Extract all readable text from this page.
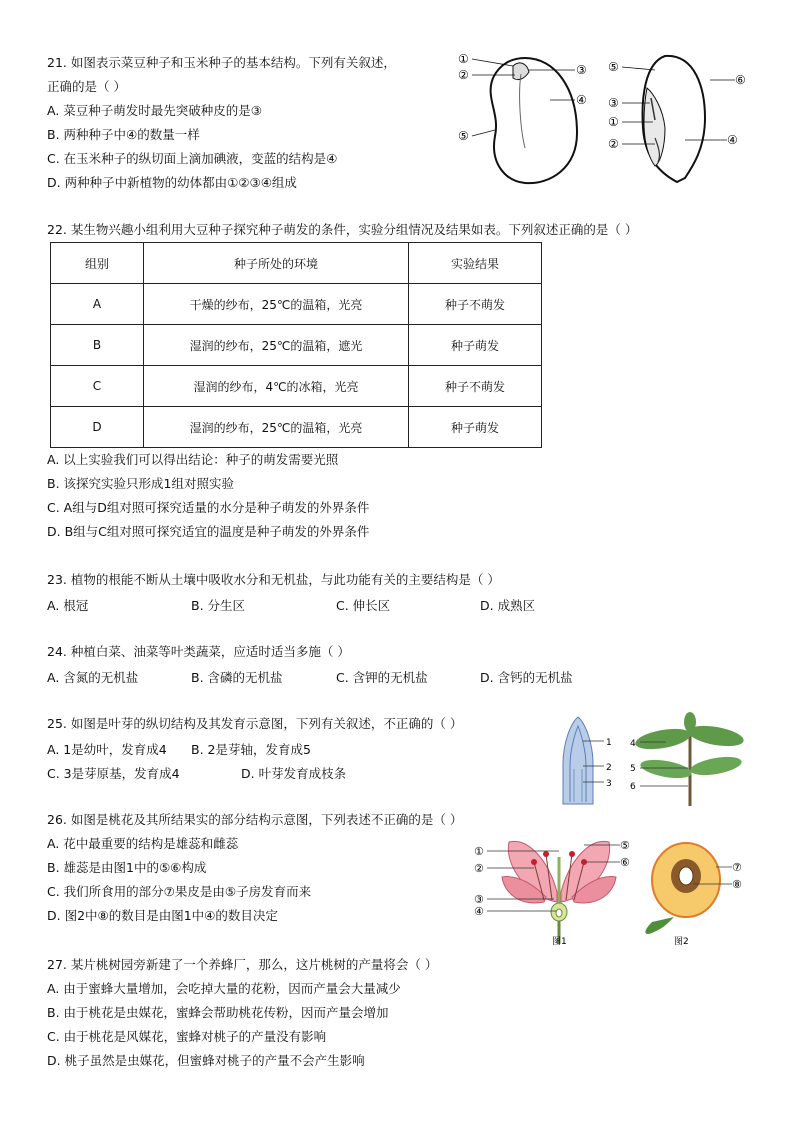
21. 如图表示菜豆种子和玉米种子的基本结构。下列有关叙述，
正确的是（ ）
A. 菜豆种子萌发时最先突破种皮的是③
B. 两种种子中④的数量一样
C. 在玉米种子的纵切面上滴加碘液，变蓝的结构是④
D. 两种种子中新植物的幼体都由①②③④组成
①
②	③
④
⑤
⑤
⑥
③
①
②	④
22. 某生物兴趣小组利用大豆种子探究种子萌发的条件，实验分组情况及结果如表。下列叙述正确的是（ ）
组别	种子所处的环境	实验结果
A	干燥的纱布，25℃的温箱，光亮	种子不萌发
B	湿润的纱布，25℃的温箱，遮光	种子萌发
C	湿润的纱布，4℃的冰箱，光亮	种子不萌发
D	湿润的纱布，25℃的温箱，光亮	种子萌发
A. 以上实验我们可以得出结论：种子的萌发需要光照
B. 该探究实验只形成1组对照实验
C. A组与D组对照可探究适量的水分是种子萌发的外界条件
D. B组与C组对照可探究适宜的温度是种子萌发的外界条件
23. 植物的根能不断从土壤中吸收水分和无机盐，与此功能有关的主要结构是（ ）
A. 根冠	B. 分生区	C. 伸长区	D. 成熟区
24. 种植白菜、油菜等叶类蔬菜，应适时适当多施（ ）
A. 含氮的无机盐	B. 含磷的无机盐	C. 含钾的无机盐	D. 含钙的无机盐
25. 如图是叶芽的纵切结构及其发育示意图，下列有关叙述，不正确的（ ）
A. 1是幼叶，发育成4 B. 2是芽轴，发育成5
C. 3是芽原基，发育成4	D. 叶芽发育成枝条
1
2
3
4
5
6
26. 如图是桃花及其所结果实的部分结构示意图，下列表述不正确的是（ ）
A. 花中最重要的结构是雄蕊和雌蕊
B. 雄蕊是由图1中的⑤⑥构成
C. 我们所食用的部分⑦果皮是由⑤子房发育而来
D. 图2中⑧的数目是由图1中④的数目决定
①
②
③
④
⑤
⑥
图1
⑦
⑧
图2
27. 某片桃树园旁新建了一个养蜂厂，那么，这片桃树的产量将会（ ）
A. 由于蜜蜂大量增加，会吃掉大量的花粉，因而产量会大量减少
B. 由于桃花是虫媒花，蜜蜂会帮助桃花传粉，因而产量会增加
C. 由于桃花是风媒花，蜜蜂对桃子的产量没有影响
D. 桃子虽然是虫媒花，但蜜蜂对桃子的产量不会产生影响
